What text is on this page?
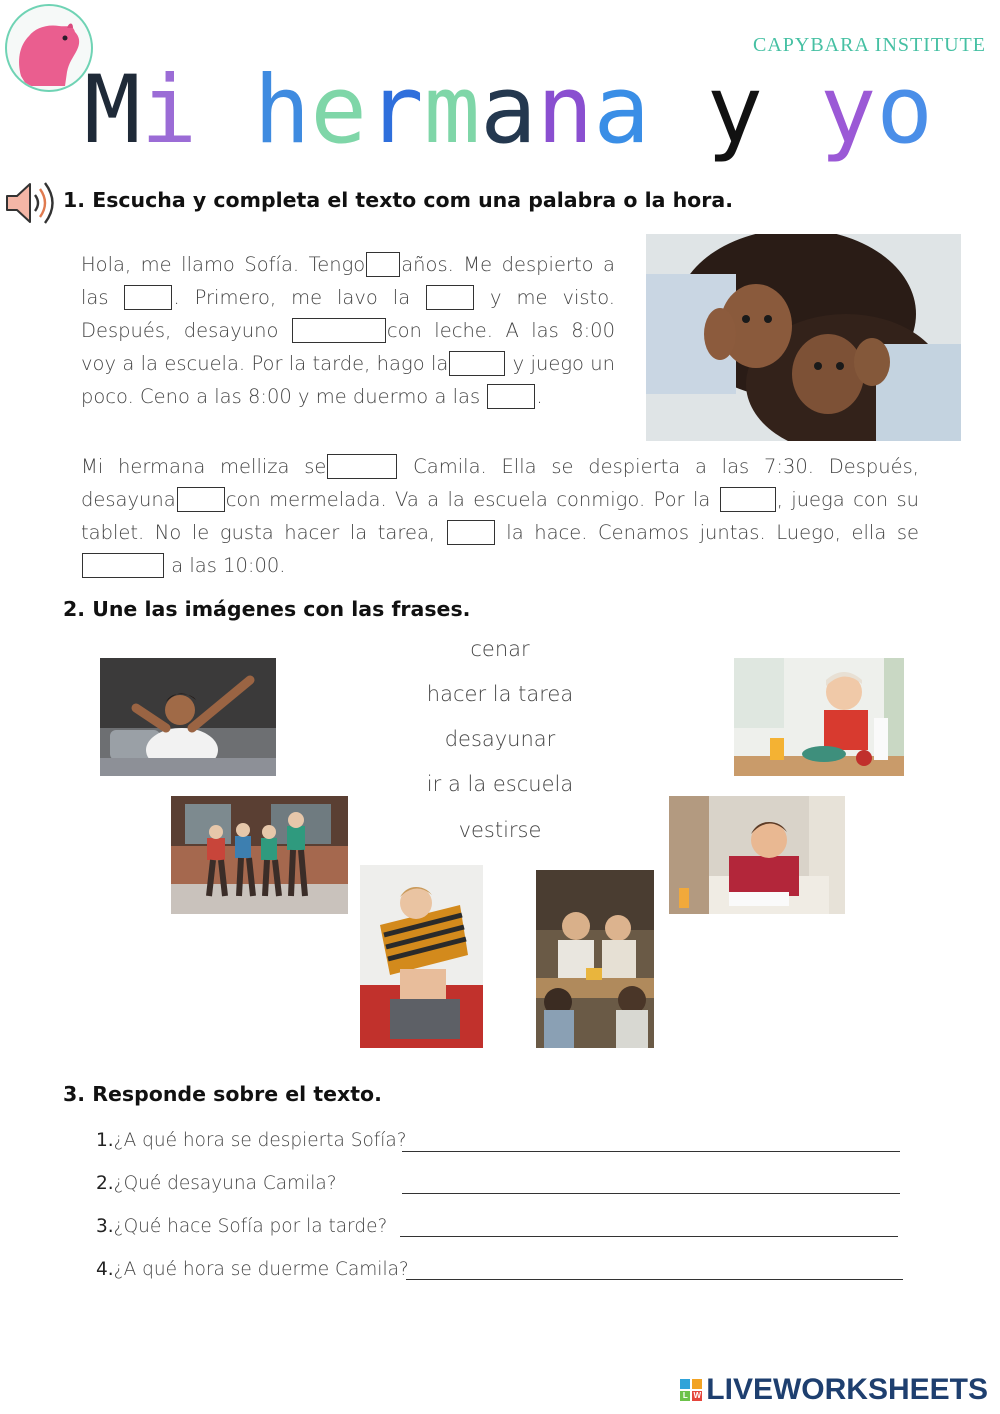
CAPYBARA INSTITUTE
Mi hermana y yo
1. Escucha y completa el texto com una palabra o la hora.
Hola, me llamo Sofía. Tengo años. Me despierto a las	. Primero, me lavo la	y me visto. Después, desayuno	con leche. A las 8:00 voy a la escuela. Por la tarde, hago la	y juego un poco. Ceno a las 8:00 y me duermo a las	.
Mi hermana melliza se	Camila. Ella se despierta a las 7:30. Después, desayuna	con mermelada. Va a la escuela conmigo. Por la	, juega con su tablet. No le gusta hacer la tarea,	la hace. Cenamos juntas. Luego, ella se  a las 10:00.
2. Une las imágenes con las frases.
cenar
hacer la tarea
desayunar
ir a la escuela
vestirse
3. Responde sobre el texto.
1.¿A qué hora se despierta Sofía?
2.¿Qué desayuna Camila?
3.¿Qué hace Sofía por la tarde?
4.¿A qué hora se duerme Camila?
L W LIVEWORKSHEETS
